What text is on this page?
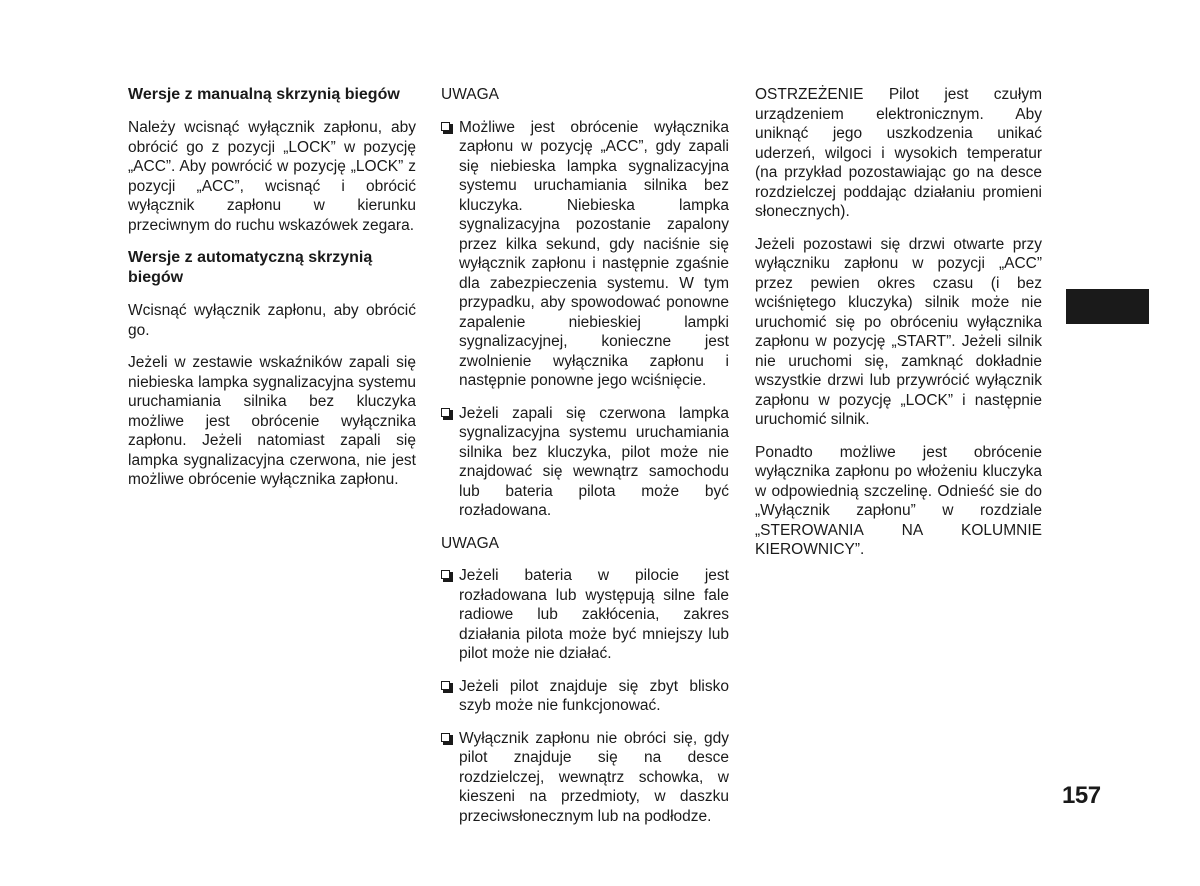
Wersje z manualną skrzynią biegów
Należy wcisnąć wyłącznik zapłonu, aby obrócić go z pozycji „LOCK” w pozycję „ACC”. Aby powrócić w pozycję „LOCK” z pozycji „ACC”, wcisnąć i obrócić wyłącznik zapłonu w kierunku przeciwnym do ruchu wskazówek zegara.
Wersje z automatyczną skrzynią biegów
Wcisnąć wyłącznik zapłonu, aby obrócić go.
Jeżeli w zestawie wskaźników zapali się niebieska lampka sygnalizacyjna systemu uruchamiania silnika bez kluczyka możliwe jest obrócenie wyłącznika zapłonu. Jeżeli natomiast zapali się lampka sygnalizacyjna czerwona, nie jest możliwe obrócenie wyłącznika zapłonu.
UWAGA
Możliwe jest obrócenie wyłącznika zapłonu w pozycję „ACC”, gdy zapali się niebieska lampka sygnalizacyjna systemu uruchamiania silnika bez kluczyka. Niebieska lampka sygnalizacyjna pozostanie zapalony przez kilka sekund, gdy naciśnie się wyłącznik zapłonu i następnie zgaśnie dla zabezpieczenia systemu. W tym przypadku, aby spowodować ponowne zapalenie niebieskiej lampki sygnalizacyjnej, konieczne jest zwolnienie wyłącznika zapłonu i następnie ponowne jego wciśnięcie.
Jeżeli zapali się czerwona lampka sygnalizacyjna systemu uruchamiania silnika bez kluczyka, pilot może nie znajdować się wewnątrz samochodu lub bateria pilota może być rozładowana.
UWAGA
Jeżeli bateria w pilocie jest rozładowana lub występują silne fale radiowe lub zakłócenia, zakres działania pilota może być mniejszy lub pilot może nie działać.
Jeżeli pilot znajduje się zbyt blisko szyb może nie funkcjonować.
Wyłącznik zapłonu nie obróci się, gdy pilot znajduje się na desce rozdzielczej, wewnątrz schowka, w kieszeni na przedmioty, w daszku przeciwsłonecznym lub na podłodze.
OSTRZEŻENIE Pilot jest czułym urządzeniem elektronicznym. Aby uniknąć jego uszkodzenia unikać uderzeń, wilgoci i wysokich temperatur (na przykład pozostawiając go na desce rozdzielczej poddając działaniu promieni słonecznych).
Jeżeli pozostawi się drzwi otwarte przy wyłączniku zapłonu w pozycji „ACC” przez pewien okres czasu (i bez wciśniętego kluczyka) silnik może nie uruchomić się po obróceniu wyłącznika zapłonu w pozycję „START”. Jeżeli silnik nie uruchomi się, zamknąć dokładnie wszystkie drzwi lub przywrócić wyłącznik zapłonu w pozycję „LOCK” i następnie uruchomić silnik.
Ponadto możliwe jest obrócenie wyłącznika zapłonu po włożeniu kluczyka w odpowiednią szczelinę. Odnieść sie do „Wyłącznik zapłonu” w rozdziale „STEROWANIA NA KOLUMNIE KIEROWNICY”.
157
